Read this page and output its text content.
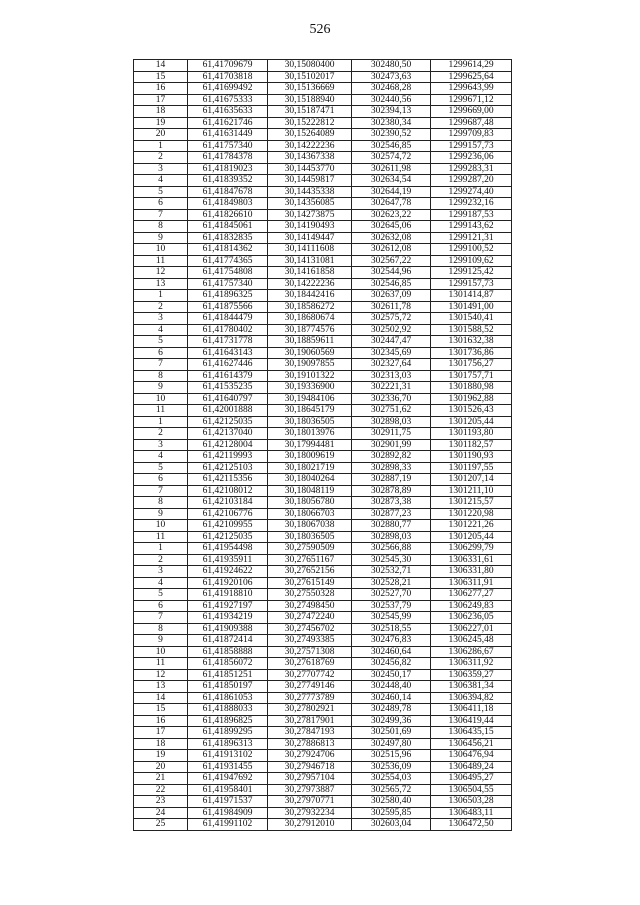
526
14	61,41709679	30,15080400	302480,50	1299614,29
15	61,41703818	30,15102017	302473,63	1299625,64
16	61,41699492	30,15136669	302468,28	1299643,99
17	61,41675333	30,15188940	302440,56	1299671,12
18	61,41635633	30,15187471	302394,13	1299669,00
19	61,41621746	30,15222812	302380,34	1299687,48
20	61,41631449	30,15264089	302390,52	1299709,83
1	61,41757340	30,14222236	302546,85	1299157,73
2	61,41784378	30,14367338	302574,72	1299236,06
3	61,41819023	30,14453770	302611,98	1299283,31
4	61,41839352	30,14459817	302634,54	1299287,20
5	61,41847678	30,14435338	302644,19	1299274,40
6	61,41849803	30,14356085	302647,78	1299232,16
7	61,41826610	30,14273875	302623,22	1299187,53
8	61,41845061	30,14190493	302645,06	1299143,62
9	61,41832835	30,14149447	302632,08	1299121,31
10	61,41814362	30,14111608	302612,08	1299100,52
11	61,41774365	30,14131081	302567,22	1299109,62
12	61,41754808	30,14161858	302544,96	1299125,42
13	61,41757340	30,14222236	302546,85	1299157,73
1	61,41896325	30,18442416	302637,09	1301414,87
2	61,41875566	30,18586272	302611,78	1301491,00
3	61,41844479	30,18680674	302575,72	1301540,41
4	61,41780402	30,18774576	302502,92	1301588,52
5	61,41731778	30,18859611	302447,47	1301632,38
6	61,41643143	30,19060569	302345,69	1301736,86
7	61,41627446	30,19097855	302327,64	1301756,27
8	61,41614379	30,19101322	302313,03	1301757,71
9	61,41535235	30,19336900	302221,31	1301880,98
10	61,41640797	30,19484106	302336,70	1301962,88
11	61,42001888	30,18645179	302751,62	1301526,43
1	61,42125035	30,18036505	302898,03	1301205,44
2	61,42137040	30,18013976	302911,75	1301193,80
3	61,42128004	30,17994481	302901,99	1301182,57
4	61,42119993	30,18009619	302892,82	1301190,93
5	61,42125103	30,18021719	302898,33	1301197,55
6	61,42115356	30,18040264	302887,19	1301207,14
7	61,42108012	30,18048119	302878,89	1301211,10
8	61,42103184	30,18056780	302873,38	1301215,57
9	61,42106776	30,18066703	302877,23	1301220,98
10	61,42109955	30,18067038	302880,77	1301221,26
11	61,42125035	30,18036505	302898,03	1301205,44
1	61,41954498	30,27590509	302566,88	1306299,79
2	61,41935911	30,27651167	302545,30	1306331,61
3	61,41924622	30,27652156	302532,71	1306331,80
4	61,41920106	30,27615149	302528,21	1306311,91
5	61,41918810	30,27550328	302527,70	1306277,27
6	61,41927197	30,27498450	302537,79	1306249,83
7	61,41934219	30,27472240	302545,99	1306236,05
8	61,41909388	30,27456702	302518,55	1306227,01
9	61,41872414	30,27493385	302476,83	1306245,48
10	61,41858888	30,27571308	302460,64	1306286,67
11	61,41856072	30,27618769	302456,82	1306311,92
12	61,41851251	30,27707742	302450,17	1306359,27
13	61,41850197	30,27749146	302448,40	1306381,34
14	61,41861053	30,27773789	302460,14	1306394,82
15	61,41888033	30,27802921	302489,78	1306411,18
16	61,41896825	30,27817901	302499,36	1306419,44
17	61,41899295	30,27847193	302501,69	1306435,15
18	61,41896313	30,27886813	302497,80	1306456,21
19	61,41913102	30,27924706	302515,96	1306476,94
20	61,41931455	30,27946718	302536,09	1306489,24
21	61,41947692	30,27957104	302554,03	1306495,27
22	61,41958401	30,27973887	302565,72	1306504,55
23	61,41971537	30,27970771	302580,40	1306503,28
24	61,41984909	30,27932234	302595,85	1306483,11
25	61,41991102	30,27912010	302603,04	1306472,50
